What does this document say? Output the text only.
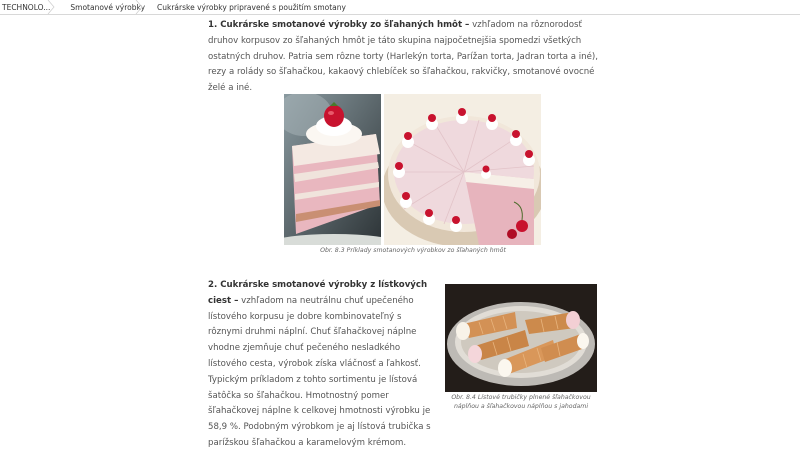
TECHNOLO...	Smotanové výrobky	Cukrárske výrobky pripravené s použitím smotany
1. Cukrárske smotanové výrobky zo šľahaných hmôt – vzhľadom na rôznorodosť druhov korpusov zo šľahaných hmôt je táto skupina najpočetnejšia spomedzi všetkých ostatných druhov. Patria sem rôzne torty (Harlekýn torta, Parížan torta, Jadran torta a iné), rezy a rolády so šľahačkou, kakaový chlebíček so šľahačkou, rakvičky, smotanové ovocné želé a iné.
Obr. 8.3 Príklady smotanových výrobkov zo šľahaných hmôt
2. Cukrárske smotanové výrobky z lístkových ciest – vzhľadom na neutrálnu chuť upečeného lístového korpusu je dobre kombinovateľný s rôznymi druhmi náplní. Chuť šľahačkovej náplne vhodne zjemňuje chuť pečeného nesladkého lístového cesta, výrobok získa vláčnosť a ľahkosť. Typickým príkladom z tohto sortimentu je lístová šatôčka so šľahačkou. Hmotnostný pomer šľahačkovej náplne k celkovej hmotnosti výrobku je 58,9 %. Podobným výrobkom je aj lístová trubička s parížskou šľahačkou a karamelovým krémom.
Obr. 8.4 Lístové trubičky plnené šľahačkovou náplňou a šľahačkovou náplňou s jahodami
